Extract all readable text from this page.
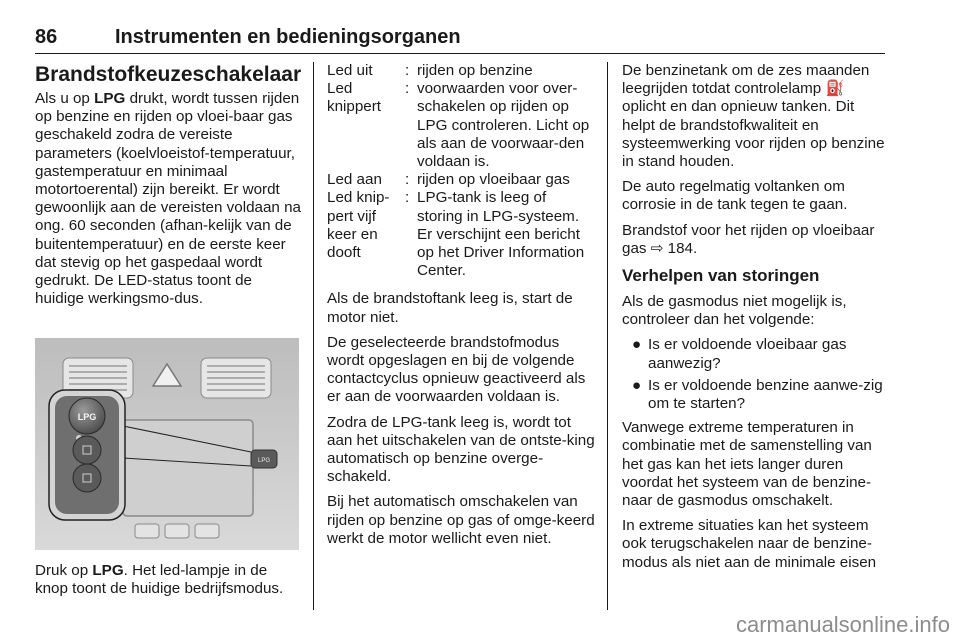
86	Instrumenten en bedieningsorganen
Brandstofkeuzeschakelaar

Als u op LPG drukt, wordt tussen rijden op benzine en rijden op vloei-baar gas geschakeld zodra de vereiste parameters (koelvloeistof-temperatuur, gastemperatuur en minimaal motortoerental) zijn bereikt. Er wordt gewoonlijk aan de vereisten voldaan na ong. 60 seconden (afhan-kelijk van de buitentemperatuur) en de eerste keer dat stevig op het gaspedaal wordt gedrukt. De LED-status toont de huidige werkingsmo-dus.

LPG
LPG

Druk op LPG. Het led-lampje in de knop toont de huidige bedrijfsmodus.

Led uit	:	rijden op benzine
Led knippert	:	voorwaarden voor over-schakelen op rijden op LPG controleren. Licht op als aan de voorwaar-den voldaan is.
Led aan	:	rijden op vloeibaar gas
Led knip-pert vijf keer en dooft	:	LPG-tank is leeg of storing in LPG-systeem. Er verschijnt een bericht op het Driver Information Center.

Als de brandstoftank leeg is, start de motor niet.

De geselecteerde brandstofmodus wordt opgeslagen en bij de volgende contactcyclus opnieuw geactiveerd als er aan de voorwaarden voldaan is.

Zodra de LPG-tank leeg is, wordt tot aan het uitschakelen van de ontste-king automatisch op benzine overge-schakeld.

Bij het automatisch omschakelen van rijden op benzine op gas of omge-keerd werkt de motor wellicht even niet.

De benzinetank om de zes maanden leegrijden totdat controlelamp ⛽ oplicht en dan opnieuw tanken. Dit helpt de brandstofkwaliteit en systeemwerking voor rijden op benzine in stand houden.

De auto regelmatig voltanken om corrosie in de tank tegen te gaan.

Brandstof voor het rijden op vloeibaar gas ⇨ 184.

Verhelpen van storingen

Als de gasmodus niet mogelijk is, controleer dan het volgende:

● Is er voldoende vloeibaar gas aanwezig?
● Is er voldoende benzine aanwe-zig om te starten?

Vanwege extreme temperaturen in combinatie met de samenstelling van het gas kan het iets langer duren voordat het systeem van de benzine-naar de gasmodus omschakelt.

In extreme situaties kan het systeem ook terugschakelen naar de benzine-modus als niet aan de minimale eisen

carmanualsonline.info
